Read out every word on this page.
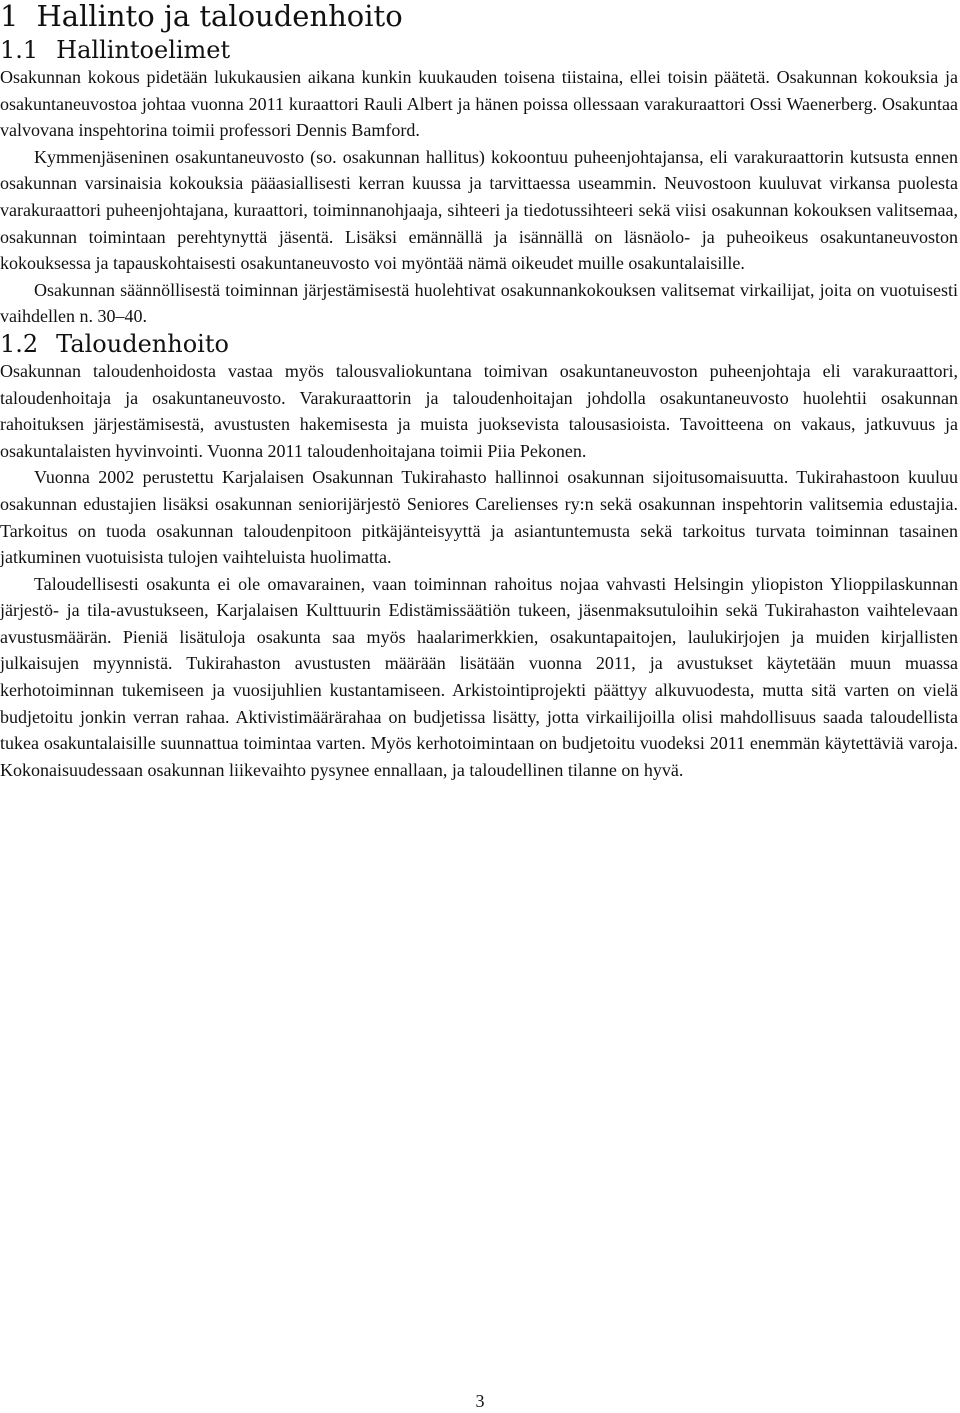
1 Hallinto ja taloudenhoito
1.1 Hallintoelimet

Osakunnan kokous pidetään lukukausien aikana kunkin kuukauden toisena tiistaina, ellei toisin päätetä. Osakunnan kokouksia ja osakuntaneuvostoa johtaa vuonna 2011 kuraattori Rauli Albert ja hänen poissa ollessaan varakuraattori Ossi Waenerberg. Osakuntaa valvovana inspehtorina toimii professori Dennis Bamford.

Kymmenjäseninen osakuntaneuvosto (so. osakunnan hallitus) kokoontuu puheenjohtajansa, eli varakuraattorin kutsusta ennen osakunnan varsinaisia kokouksia pääasiallisesti kerran kuussa ja tarvittaessa useammin. Neuvostoon kuuluvat virkansa puolesta varakuraattori puheenjohtajana, kuraattori, toiminnanohjaaja, sihteeri ja tiedotussihteeri sekä viisi osakunnan kokouksen valitsemaa, osakunnan toimintaan perehtynyttä jäsentä. Lisäksi emännällä ja isännällä on läsnäolo- ja puheoikeus osakuntaneuvoston kokouksessa ja tapauskohtaisesti osakuntaneuvosto voi myöntää nämä oikeudet muille osakuntalaisille.

Osakunnan säännöllisestä toiminnan järjestämisestä huolehtivat osakunnankokouksen valitsemat virkailijat, joita on vuotuisesti vaihdellen n. 30–40.

1.2 Taloudenhoito

Osakunnan taloudenhoidosta vastaa myös talousvaliokuntana toimivan osakuntaneuvoston puheenjohtaja eli varakuraattori, taloudenhoitaja ja osakuntaneuvosto. Varakuraattorin ja taloudenhoitajan johdolla osakuntaneuvosto huolehtii osakunnan rahoituksen järjestämisestä, avustusten hakemisesta ja muista juoksevista talousasioista. Tavoitteena on vakaus, jatkuvuus ja osakuntalaisten hyvinvointi. Vuonna 2011 taloudenhoitajana toimii Piia Pekonen.

Vuonna 2002 perustettu Karjalaisen Osakunnan Tukirahasto hallinnoi osakunnan sijoitusomaisuutta. Tukirahastoon kuuluu osakunnan edustajien lisäksi osakunnan seniorijärjestö Seniores Carelienses ry:n sekä osakunnan inspehtorin valitsemia edustajia. Tarkoitus on tuoda osakunnan taloudenpitoon pitkäjänteisyyttä ja asiantuntemusta sekä tarkoitus turvata toiminnan tasainen jatkuminen vuotuisista tulojen vaihteluista huolimatta.

Taloudellisesti osakunta ei ole omavarainen, vaan toiminnan rahoitus nojaa vahvasti Helsingin yliopiston Ylioppilaskunnan järjestö- ja tila-avustukseen, Karjalaisen Kulttuurin Edistämissäätiön tukeen, jäsenmaksutuloihin sekä Tukirahaston vaihtelevaan avustusmäärän. Pieniä lisätuloja osakunta saa myös haalarimerkkien, osakuntapaitojen, laulukirjojen ja muiden kirjallisten julkaisujen myynnistä. Tukirahaston avustusten määrään lisätään vuonna 2011, ja avustukset käytetään muun muassa kerhotoiminnan tukemiseen ja vuosijuhlien kustantamiseen. Arkistointiprojekti päättyy alkuvuodesta, mutta sitä varten on vielä budjetoitu jonkin verran rahaa. Aktivistimäärärahaa on budjetissa lisätty, jotta virkailijoilla olisi mahdollisuus saada taloudellista tukea osakuntalaisille suunnattua toimintaa varten. Myös kerhotoimintaan on budjetoitu vuodeksi 2011 enemmän käytettäviä varoja. Kokonaisuudessaan osakunnan liikevaihto pysynee ennallaan, ja taloudellinen tilanne on hyvä.

3
